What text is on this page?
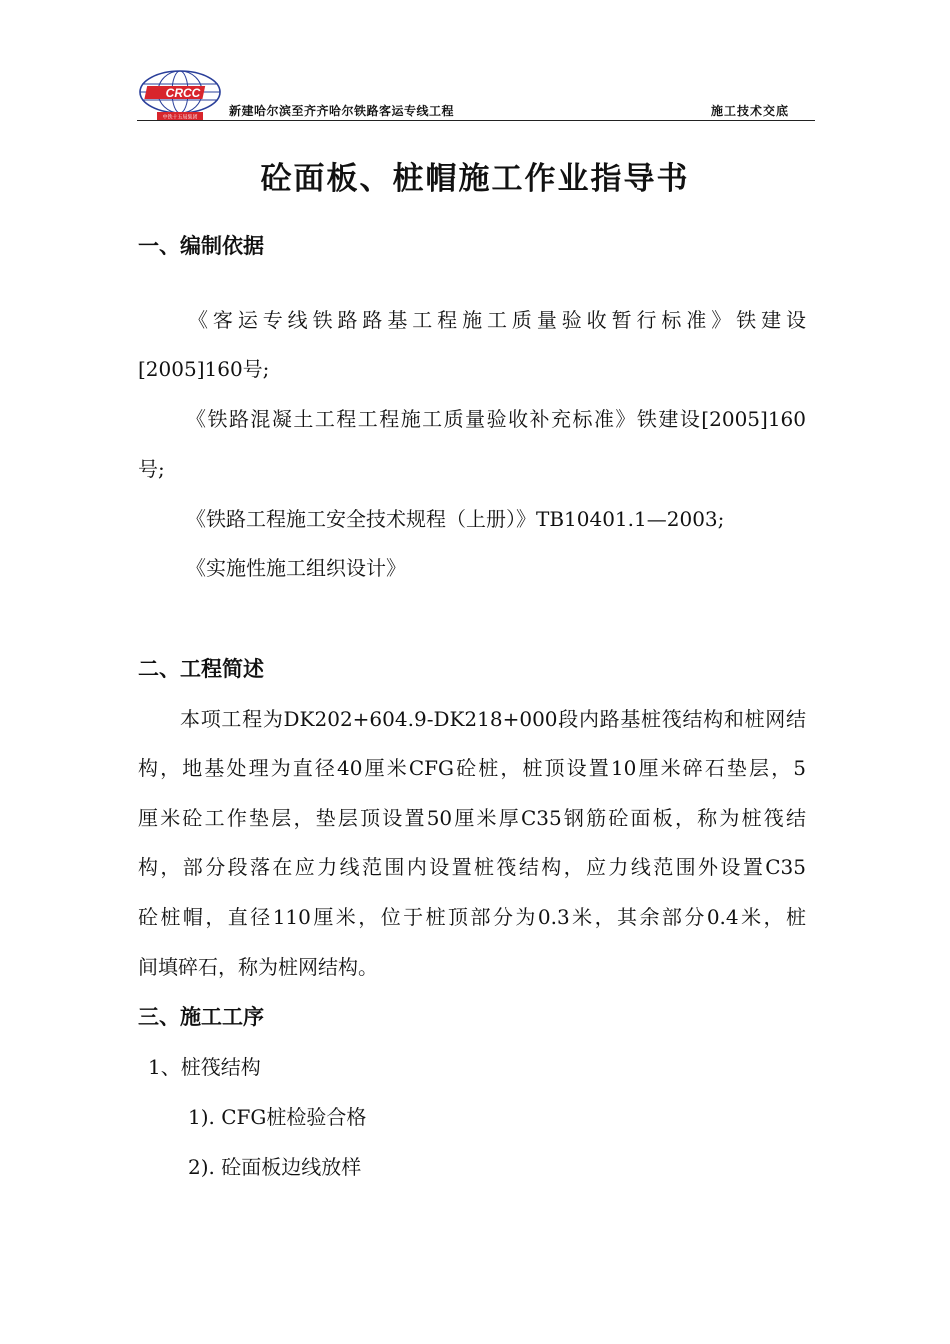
CRCC
中铁十五局集团	新建哈尔滨至齐齐哈尔铁路客运专线工程	施工技术交底
砼面板、桩帽施工作业指导书
一、编制依据
《客运专线铁路路基工程施工质量验收暂行标准》铁建设
[2005]160号;
《铁路混凝土工程工程施工质量验收补充标准》铁建设[2005]160
号;
《铁路工程施工安全技术规程（上册）》TB10401.1—2003;
《实施性施工组织设计》
二、工程简述
本项工程为DK202+604.9-DK218+000段内路基桩筏结构和桩网结
构，地基处理为直径40厘米CFG砼桩，桩顶设置10厘米碎石垫层，5
厘米砼工作垫层，垫层顶设置50厘米厚C35钢筋砼面板，称为桩筏结
构，部分段落在应力线范围内设置桩筏结构，应力线范围外设置C35
砼桩帽，直径110厘米，位于桩顶部分为0.3米，其余部分0.4米，桩
间填碎石，称为桩网结构。
三、施工工序
1、桩筏结构
1). CFG桩检验合格
2). 砼面板边线放样
